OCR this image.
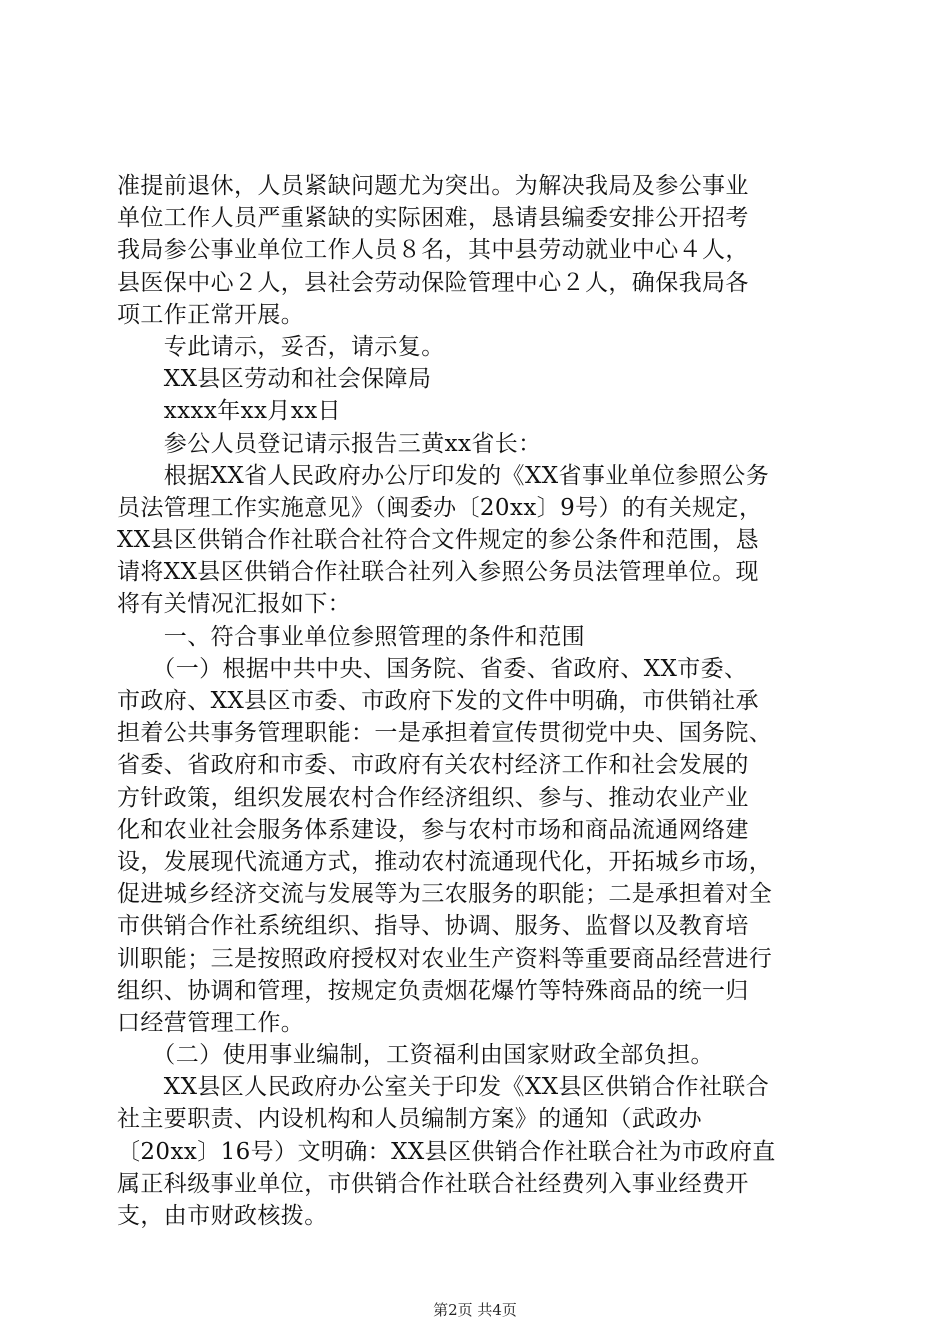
准提前退休，人员紧缺问题尤为突出。为解决我局及参公事业
单位工作人员严重紧缺的实际困难，恳请县编委安排公开招考
我局参公事业单位工作人员８名，其中县劳动就业中心４人，
县医保中心２人，县社会劳动保险管理中心２人，确保我局各
项工作正常开展。
　　专此请示，妥否，请示复。
　　XX县区劳动和社会保障局
　　xxxx年xx月xx日
　　参公人员登记请示报告三黄xx省长：
　　根据XX省人民政府办公厅印发的《XX省事业单位参照公务
员法管理工作实施意见》（闽委办〔20xx〕9号）的有关规定，
XX县区供销合作社联合社符合文件规定的参公条件和范围，恳
请将XX县区供销合作社联合社列入参照公务员法管理单位。现
将有关情况汇报如下：
　　一、符合事业单位参照管理的条件和范围
　　（一）根据中共中央、国务院、省委、省政府、XX市委、
市政府、XX县区市委、市政府下发的文件中明确，市供销社承
担着公共事务管理职能：一是承担着宣传贯彻党中央、国务院、
省委、省政府和市委、市政府有关农村经济工作和社会发展的
方针政策，组织发展农村合作经济组织、参与、推动农业产业
化和农业社会服务体系建设，参与农村市场和商品流通网络建
设，发展现代流通方式，推动农村流通现代化，开拓城乡市场，
促进城乡经济交流与发展等为三农服务的职能；二是承担着对全
市供销合作社系统组织、指导、协调、服务、监督以及教育培
训职能；三是按照政府授权对农业生产资料等重要商品经营进行
组织、协调和管理，按规定负责烟花爆竹等特殊商品的统一归
口经营管理工作。
　　（二）使用事业编制，工资福利由国家财政全部负担。
　　XX县区人民政府办公室关于印发《XX县区供销合作社联合
社主要职责、内设机构和人员编制方案》的通知（武政办
〔20xx〕16号）文明确：XX县区供销合作社联合社为市政府直
属正科级事业单位，市供销合作社联合社经费列入事业经费开
支，由市财政核拨。
第2页 共4页
